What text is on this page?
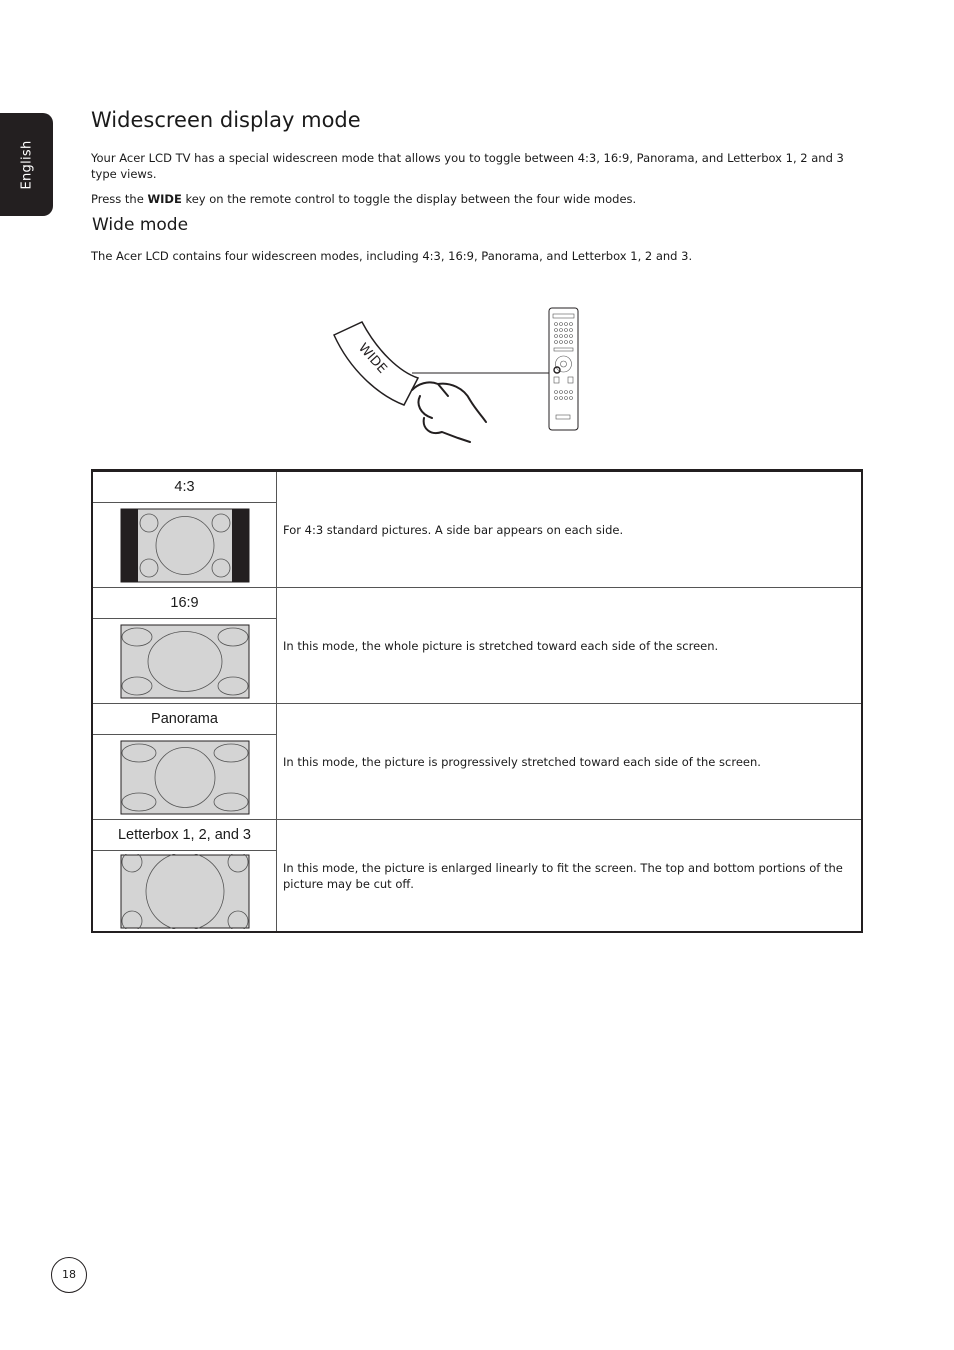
English
Widescreen display mode

Your Acer LCD TV has a special widescreen mode that allows you to toggle between 4:3, 16:9, Panorama, and Letterbox 1, 2 and 3 type views.

Press the WIDE key on the remote control to toggle the display between the four wide modes.

Wide mode

The Acer LCD contains four widescreen modes, including 4:3, 16:9, Panorama, and Letterbox 1, 2 and 3.

WIDE
4:3	For 4:3 standard pictures. A side bar appears on each side.

16:9	In this mode, the whole picture is stretched toward each side of the screen.

Panorama	In this mode, the picture is progressively stretched toward each side of the screen.

Letterbox 1, 2, and 3	In this mode, the picture is enlarged linearly to fit the screen. The top and bottom portions of the picture may be cut off.

18
